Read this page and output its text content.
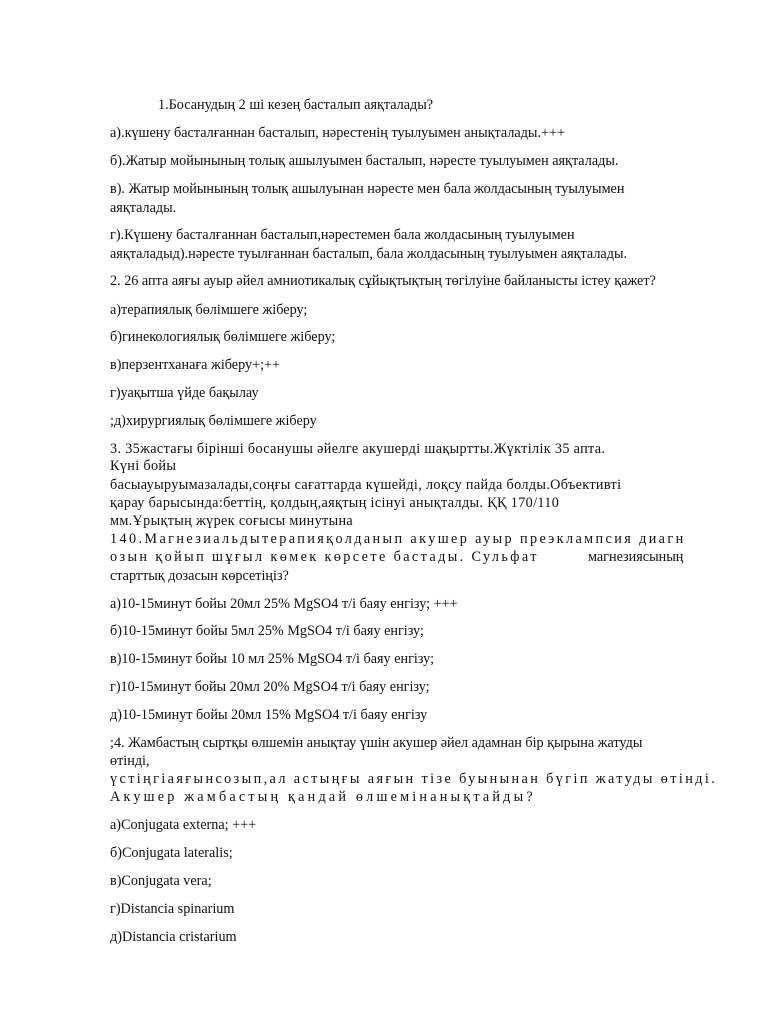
1.Босанудың 2 ші кезең басталып аяқталады?
а).күшену басталғаннан басталып, нәрестенің туылуымен анықталады.+++
б).Жатыр мойынының толық ашылуымен басталып, нәресте туылуымен аяқталады.
в). Жатыр мойынының толық ашылуынан нәресте мен бала жолдасының туылуымен
аяқталады.
г).Күшену басталғаннан басталып,нәрестемен бала жолдасының туылуымен
аяқталадыд).нәресте туылғаннан басталып, бала жолдасының туылуымен аяқталады.
2. 26 апта аяғы ауыр әйел амниотикалық сұйықтықтың төгілуіне байланысты істеу қажет?
а)терапиялық бөлімшеге жіберу;
б)гинекологиялық бөлімшеге жіберу;
в)перзентханаға жіберу+;++
г)уақытша үйде бақылау
;д)хирургиялық бөлімшеге жіберу
3. 35жастағы бірінші босанушы әйелге акушерді шақыртты.Жүктілік 35 апта.
Күні бойы
басыауыруымазалады,соңғы сағаттарда күшейді, лоқсу пайда болды.Объективті
қарау барысында:беттің, қолдың,аяқтың ісінуі анықталды. ҚҚ 170/110
мм.Ұрықтың жүрек соғысы минутына
140.Магнезиальдытерапияқолданып акушер ауыр преэклампсия диагн
озын қойып шұғыл көмек көрсете бастады. Сульфат	магнезиясының
старттық дозасын көрсетіңіз?
а)10-15минут бойы 20мл 25% MgSO4 т/і баяу енгізу; +++
б)10-15минут бойы 5мл 25% MgSO4 т/і баяу енгізу;
в)10-15минут бойы 10 мл 25% MgSO4 т/і баяу енгізу;
г)10-15минут бойы 20мл 20% MgSO4 т/і баяу енгізу;
д)10-15минут бойы 20мл 15% MgSO4 т/і баяу енгізу
;4. Жамбастың сыртқы өлшемін анықтау үшін акушер әйел адамнан бір қырына жатуды
өтінді,
үстіңгіаяғынсозып,ал астыңғы аяғын тізе буынынан бүгіп жатуды өтінді.
Акушер жамбастың қандай өлшемінанықтайды?
а)Conjugata externa; +++
б)Conjugata lateralis;
в)Conjugata vera;
г)Distancia spinarium
д)Distancia cristarium
